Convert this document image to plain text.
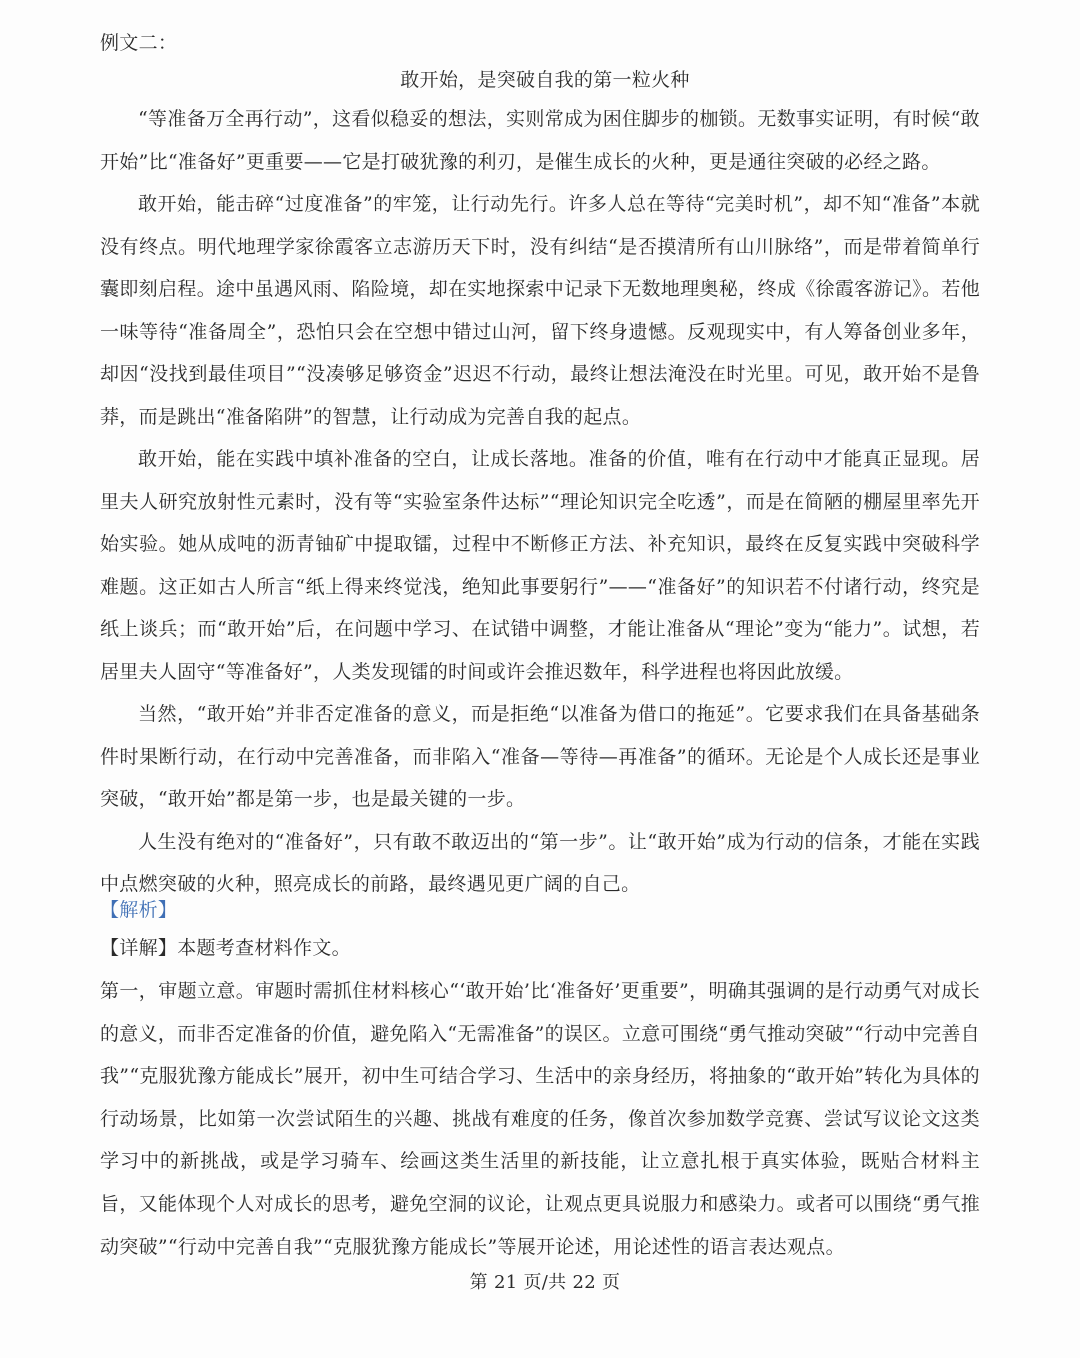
例文二：
敢开始，是突破自我的第一粒火种

“等准备万全再行动”，这看似稳妥的想法，实则常成为困住脚步的枷锁。无数事实证明，有时候“敢开始”比“准备好”更重要——它是打破犹豫的利刃，是催生成长的火种，更是通往突破的必经之路。

敢开始，能击碎“过度准备”的牢笼，让行动先行。许多人总在等待“完美时机”，却不知“准备”本就没有终点。明代地理学家徐霞客立志游历天下时，没有纠结“是否摸清所有山川脉络”，而是带着简单行囊即刻启程。途中虽遇风雨、陷险境，却在实地探索中记录下无数地理奥秘，终成《徐霞客游记》。若他一味等待“准备周全”，恐怕只会在空想中错过山河，留下终身遗憾。反观现实中，有人筹备创业多年，却因“没找到最佳项目”“没凑够足够资金”迟迟不行动，最终让想法淹没在时光里。可见，敢开始不是鲁莽，而是跳出“准备陷阱”的智慧，让行动成为完善自我的起点。

敢开始，能在实践中填补准备的空白，让成长落地。准备的价值，唯有在行动中才能真正显现。居里夫人研究放射性元素时，没有等“实验室条件达标”“理论知识完全吃透”，而是在简陋的棚屋里率先开始实验。她从成吨的沥青铀矿中提取镭，过程中不断修正方法、补充知识，最终在反复实践中突破科学难题。这正如古人所言“纸上得来终觉浅，绝知此事要躬行”——“准备好”的知识若不付诸行动，终究是纸上谈兵；而“敢开始”后，在问题中学习、在试错中调整，才能让准备从“理论”变为“能力”。试想，若居里夫人固守“等准备好”，人类发现镭的时间或许会推迟数年，科学进程也将因此放缓。

当然，“敢开始”并非否定准备的意义，而是拒绝“以准备为借口的拖延”。它要求我们在具备基础条件时果断行动，在行动中完善准备，而非陷入“准备—等待—再准备”的循环。无论是个人成长还是事业突破，“敢开始”都是第一步，也是最关键的一步。

人生没有绝对的“准备好”，只有敢不敢迈出的“第一步”。让“敢开始”成为行动的信条，才能在实践中点燃突破的火种，照亮成长的前路，最终遇见更广阔的自己。

【解析】

【详解】本题考查材料作文。

第一，审题立意。审题时需抓住材料核心“‘敢开始’比‘准备好’更重要”，明确其强调的是行动勇气对成长的意义，而非否定准备的价值，避免陷入“无需准备”的误区。立意可围绕“勇气推动突破”“行动中完善自我”“克服犹豫方能成长”展开，初中生可结合学习、生活中的亲身经历，将抽象的“敢开始”转化为具体的行动场景，比如第一次尝试陌生的兴趣、挑战有难度的任务，像首次参加数学竞赛、尝试写议论文这类学习中的新挑战，或是学习骑车、绘画这类生活里的新技能，让立意扎根于真实体验，既贴合材料主旨，又能体现个人对成长的思考，避免空洞的议论，让观点更具说服力和感染力。或者可以围绕“勇气推动突破”“行动中完善自我”“克服犹豫方能成长”等展开论述，用论述性的语言表达观点。

第 21 页/共 22 页
